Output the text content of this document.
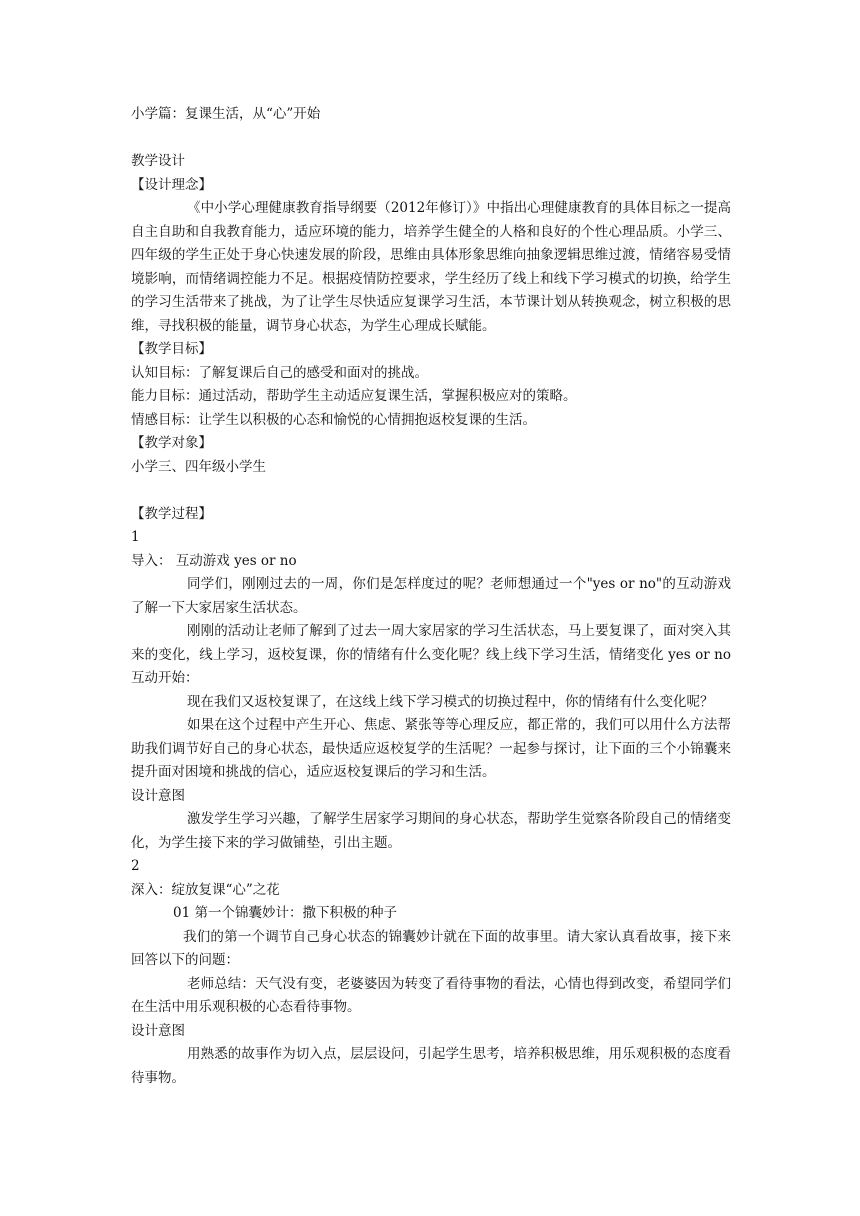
小学篇：复课生活，从“心”开始
教学设计
【设计理念】
《中小学心理健康教育指导纲要（2012年修订）》中指出心理健康教育的具体目标之一提高自主自助和自我教育能力，适应环境的能力，培养学生健全的人格和良好的个性心理品质。小学三、四年级的学生正处于身心快速发展的阶段，思维由具体形象思维向抽象逻辑思维过渡，情绪容易受情境影响，而情绪调控能力不足。根据疫情防控要求，学生经历了线上和线下学习模式的切换，给学生的学习生活带来了挑战，为了让学生尽快适应复课学习生活，本节课计划从转换观念，树立积极的思维，寻找积极的能量，调节身心状态，为学生心理成长赋能。
【教学目标】
认知目标：了解复课后自己的感受和面对的挑战。
能力目标：通过活动，帮助学生主动适应复课生活，掌握积极应对的策略。
情感目标：让学生以积极的心态和愉悦的心情拥抱返校复课的生活。
【教学对象】
小学三、四年级小学生
【教学过程】
1
导入： 互动游戏 yes or no
同学们，刚刚过去的一周，你们是怎样度过的呢？老师想通过一个"yes or no"的互动游戏了解一下大家居家生活状态。
刚刚的活动让老师了解到了过去一周大家居家的学习生活状态，马上要复课了，面对突入其来的变化，线上学习，返校复课，你的情绪有什么变化呢？线上线下学习生活，情绪变化 yes or no 互动开始：
现在我们又返校复课了，在这线上线下学习模式的切换过程中，你的情绪有什么变化呢？
如果在这个过程中产生开心、焦虑、紧张等等心理反应，都正常的，我们可以用什么方法帮助我们调节好自己的身心状态，最快适应返校复学的生活呢？一起参与探讨，让下面的三个小锦囊来提升面对困境和挑战的信心，适应返校复课后的学习和生活。
设计意图
激发学生学习兴趣，了解学生居家学习期间的身心状态，帮助学生觉察各阶段自己的情绪变化，为学生接下来的学习做铺垫，引出主题。
2
深入：绽放复课“心”之花
01 第一个锦囊妙计：撒下积极的种子
我们的第一个调节自己身心状态的锦囊妙计就在下面的故事里。请大家认真看故事，接下来回答以下的问题：
老师总结：天气没有变，老婆婆因为转变了看待事物的看法，心情也得到改变，希望同学们在生活中用乐观积极的心态看待事物。
设计意图
用熟悉的故事作为切入点，层层设问，引起学生思考，培养积极思维，用乐观积极的态度看待事物。
